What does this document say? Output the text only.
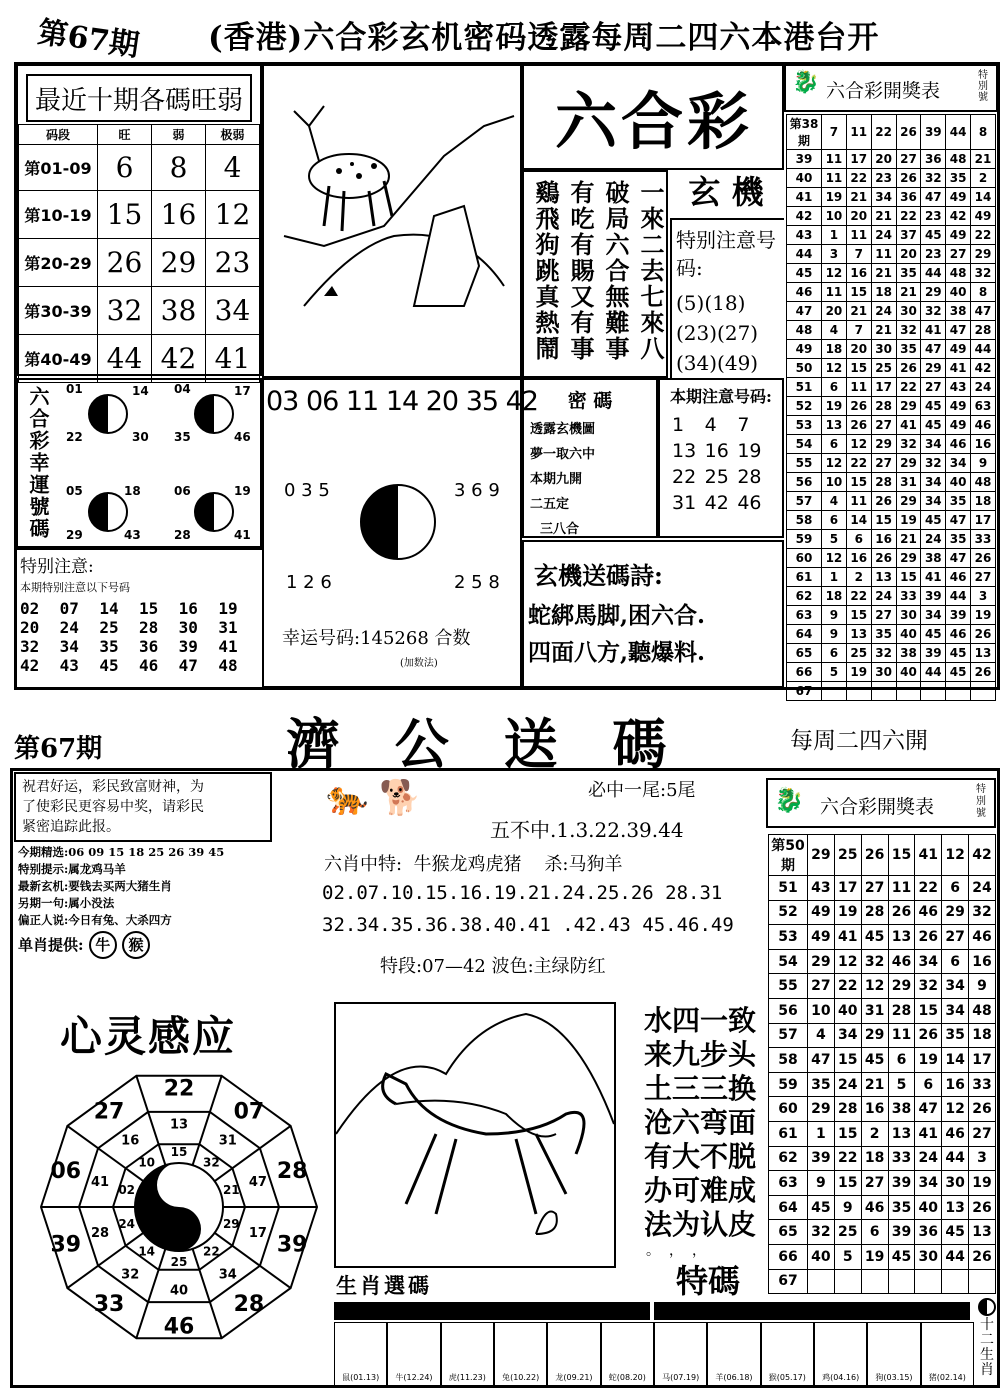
第67期 (香港)六合彩玄机密码透露每周二四六本港台开
最近十期各碼旺弱
码段	旺	弱	极弱
第01-09	6	8	4
第10-19	15	16	12
第20-29	26	29	23
第30-39	32	38	34
第40-49	44	42	41
六合彩
玄 機
鷄飛狗跳真熱鬧 有吃有賜又有事 破局六合無難事 一來二去七來八 特别注意号码:
(5)(18)
(23)(27)
(34)(49)
🐉 六合彩開獎表
特別號
第38期	7	11	22	26	39	44	8
39	11	17	20	27	36	48	21
40	11	22	23	26	32	35	2
41	19	21	34	36	47	49	14
42	10	20	21	22	23	42	49
43	1	11	24	37	45	49	22
44	3	7	11	20	23	27	29
45	12	16	21	35	44	48	32
46	11	15	18	21	29	40	8
47	20	21	24	30	32	38	47
48	4	7	21	32	41	47	28
49	18	20	30	35	47	49	44
50	12	15	25	26	29	41	42
51	6	11	17	22	27	43	24
52	19	26	28	29	45	49	63
53	13	26	27	41	45	49	46
54	6	12	29	32	34	46	16
55	12	22	27	29	32	34	9
56	10	15	28	31	34	40	48
57	4	11	26	29	34	35	18
58	6	14	15	19	45	47	17
59	5	6	16	21	24	35	33
60	12	16	26	29	38	47	26
61	1	2	13	15	41	46	27
62	18	22	24	33	39	44	3
63	9	15	27	30	34	39	19
64	9	13	35	40	45	46	26
65	6	25	32	38	39	45	13
66	5	19	30	40	44	45	26
67							
六合彩幸運號碼 01	14
22	30
04	17
35	46
05	18
29	43
06	19
28	41
特别注意:
本期特别注意以下号码
02	07	14	15	16	19
20	24	25	28	30	31
32	34	35	36	39	41
42	43	45	46	47	48
03 06 11 14 20 35 42
0 3 5	3 6 9
1 2 6	2 5 8
幸运号码:145268 合数
(加数法)
密 碼
透露玄機圖
夢一取六中
本期九開
二五定
三八合
本期注意号码:
1	4	7
13 16 19
22 25 28
31 42 46
玄機送碼詩:
蛇綁馬脚,困六合.
四面八方,聽爆料.
第67期	濟 公 送 碼	每周二四六開
祝君好运，彩民致富财神，为
了使彩民更容易中奖，请彩民
紧密追踪此报。
今期精选:06 09 15 18 25 26 39 45
特别提示:属龙鸡马羊
最新玄机:要钱去买两大猪生肖
另期一句:属小没法
偏正人说:今日有兔、大杀四方
单肖提供: 牛 猴
必中一尾:5尾
🐅 🐕
五不中.1.3.22.39.44
六肖中特:  牛猴龙鸡虎猪    杀:马狗羊
02.07.10.15.16.19.21.24.25.26 28.31
32.34.35.36.38.40.41 .42.43 45.46.49
特段:07—42 波色:主绿防红
心灵感应
22
07
28
39
28
46
33
39
06
27
13
31
47
17
34
40
32
28
41
16
15
32
21
29
22
25
14
24
02
10
水四一致
来九步头
土三三换
沧六弯面
有大不脱
办可难成
法为认皮
。，，
特碼
🐉 六合彩開獎表
特別號
第50期	29	25	26	15	41	12	42
51	43	17	27	11	22	6	24
52	49	19	28	26	46	29	32
53	49	41	45	13	26	27	46
54	29	12	32	46	34	6	16
55	27	22	12	29	32	34	9
56	10	40	31	28	15	34	48
57	4	34	29	11	26	35	18
58	47	15	45	6	19	14	17
59	35	24	21	5	6	16	33
60	29	28	16	38	47	12	26
61	1	15	2	13	41	46	27
62	39	22	18	33	24	44	3
63	9	15	27	39	34	30	19
64	45	9	46	35	40	13	26
65	32	25	6	39	36	45	13
66	40	5	19	45	30	44	26
67							
生肖選碼
十二生肖
鼠(01.13)	牛(12.24)	虎(11.23)	兔(10.22)	龙(09.21)	蛇(08.20)	马(07.19)	羊(06.18)	猴(05.17)	鸡(04.16)	狗(03.15)	猪(02.14)
